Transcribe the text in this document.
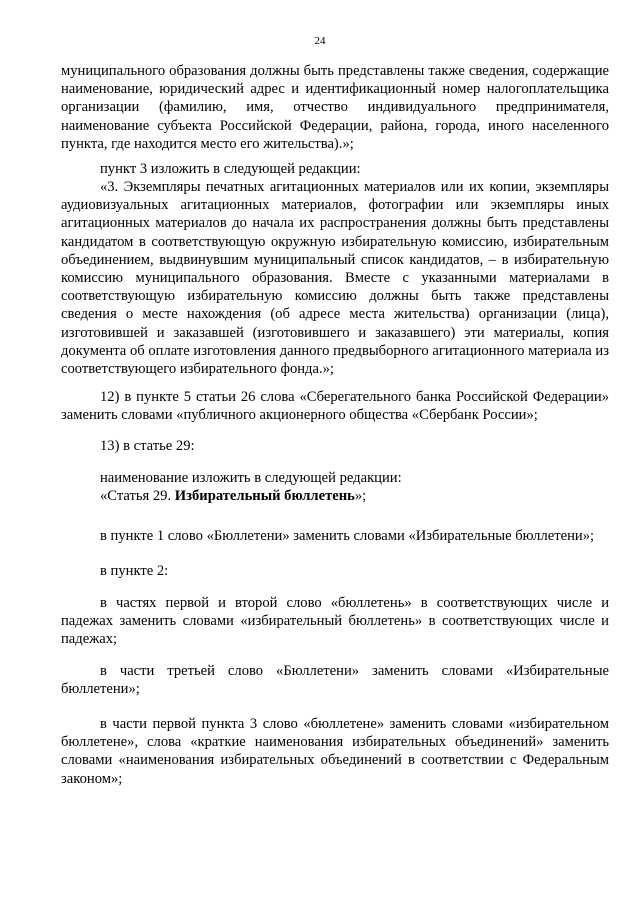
24

муниципального образования должны быть представлены также сведения, содержащие наименование, юридический адрес и идентификационный номер налогоплательщика организации (фамилию, имя, отчество индивидуального предпринимателя, наименование субъекта Российской Федерации, района, города, иного населенного пункта, где находится место его жительства).»;

пункт 3 изложить в следующей редакции:

«3. Экземпляры печатных агитационных материалов или их копии, экземпляры аудиовизуальных агитационных материалов, фотографии или экземпляры иных агитационных материалов до начала их распространения должны быть представлены кандидатом в соответствующую окружную избирательную комиссию, избирательным объединением, выдвинувшим муниципальный список кандидатов, – в избирательную комиссию муниципального образования. Вместе с указанными материалами в соответствующую избирательную комиссию должны быть также представлены сведения о месте нахождения (об адресе места жительства) организации (лица), изготовившей и заказавшей (изготовившего и заказавшего) эти материалы, копия документа об оплате изготовления данного предвыборного агитационного материала из соответствующего избирательного фонда.»;

12) в пункте 5 статьи 26 слова «Сберегательного банка Российской Федерации» заменить словами «публичного акционерного общества «Сбербанк России»;

13) в статье 29:

наименование изложить в следующей редакции:

«Статья 29. Избирательный бюллетень»;

в пункте 1 слово «Бюллетени» заменить словами «Избирательные бюллетени»;

в пункте 2:

в частях первой и второй слово «бюллетень» в соответствующих числе и падежах заменить словами «избирательный бюллетень» в соответствующих числе и падежах;

в части третьей слово «Бюллетени» заменить словами «Избирательные бюллетени»;

в части первой пункта 3 слово «бюллетене» заменить словами «избирательном бюллетене», слова «краткие наименования избирательных объединений» заменить словами «наименования избирательных объединений в соответствии с Федеральным законом»;
